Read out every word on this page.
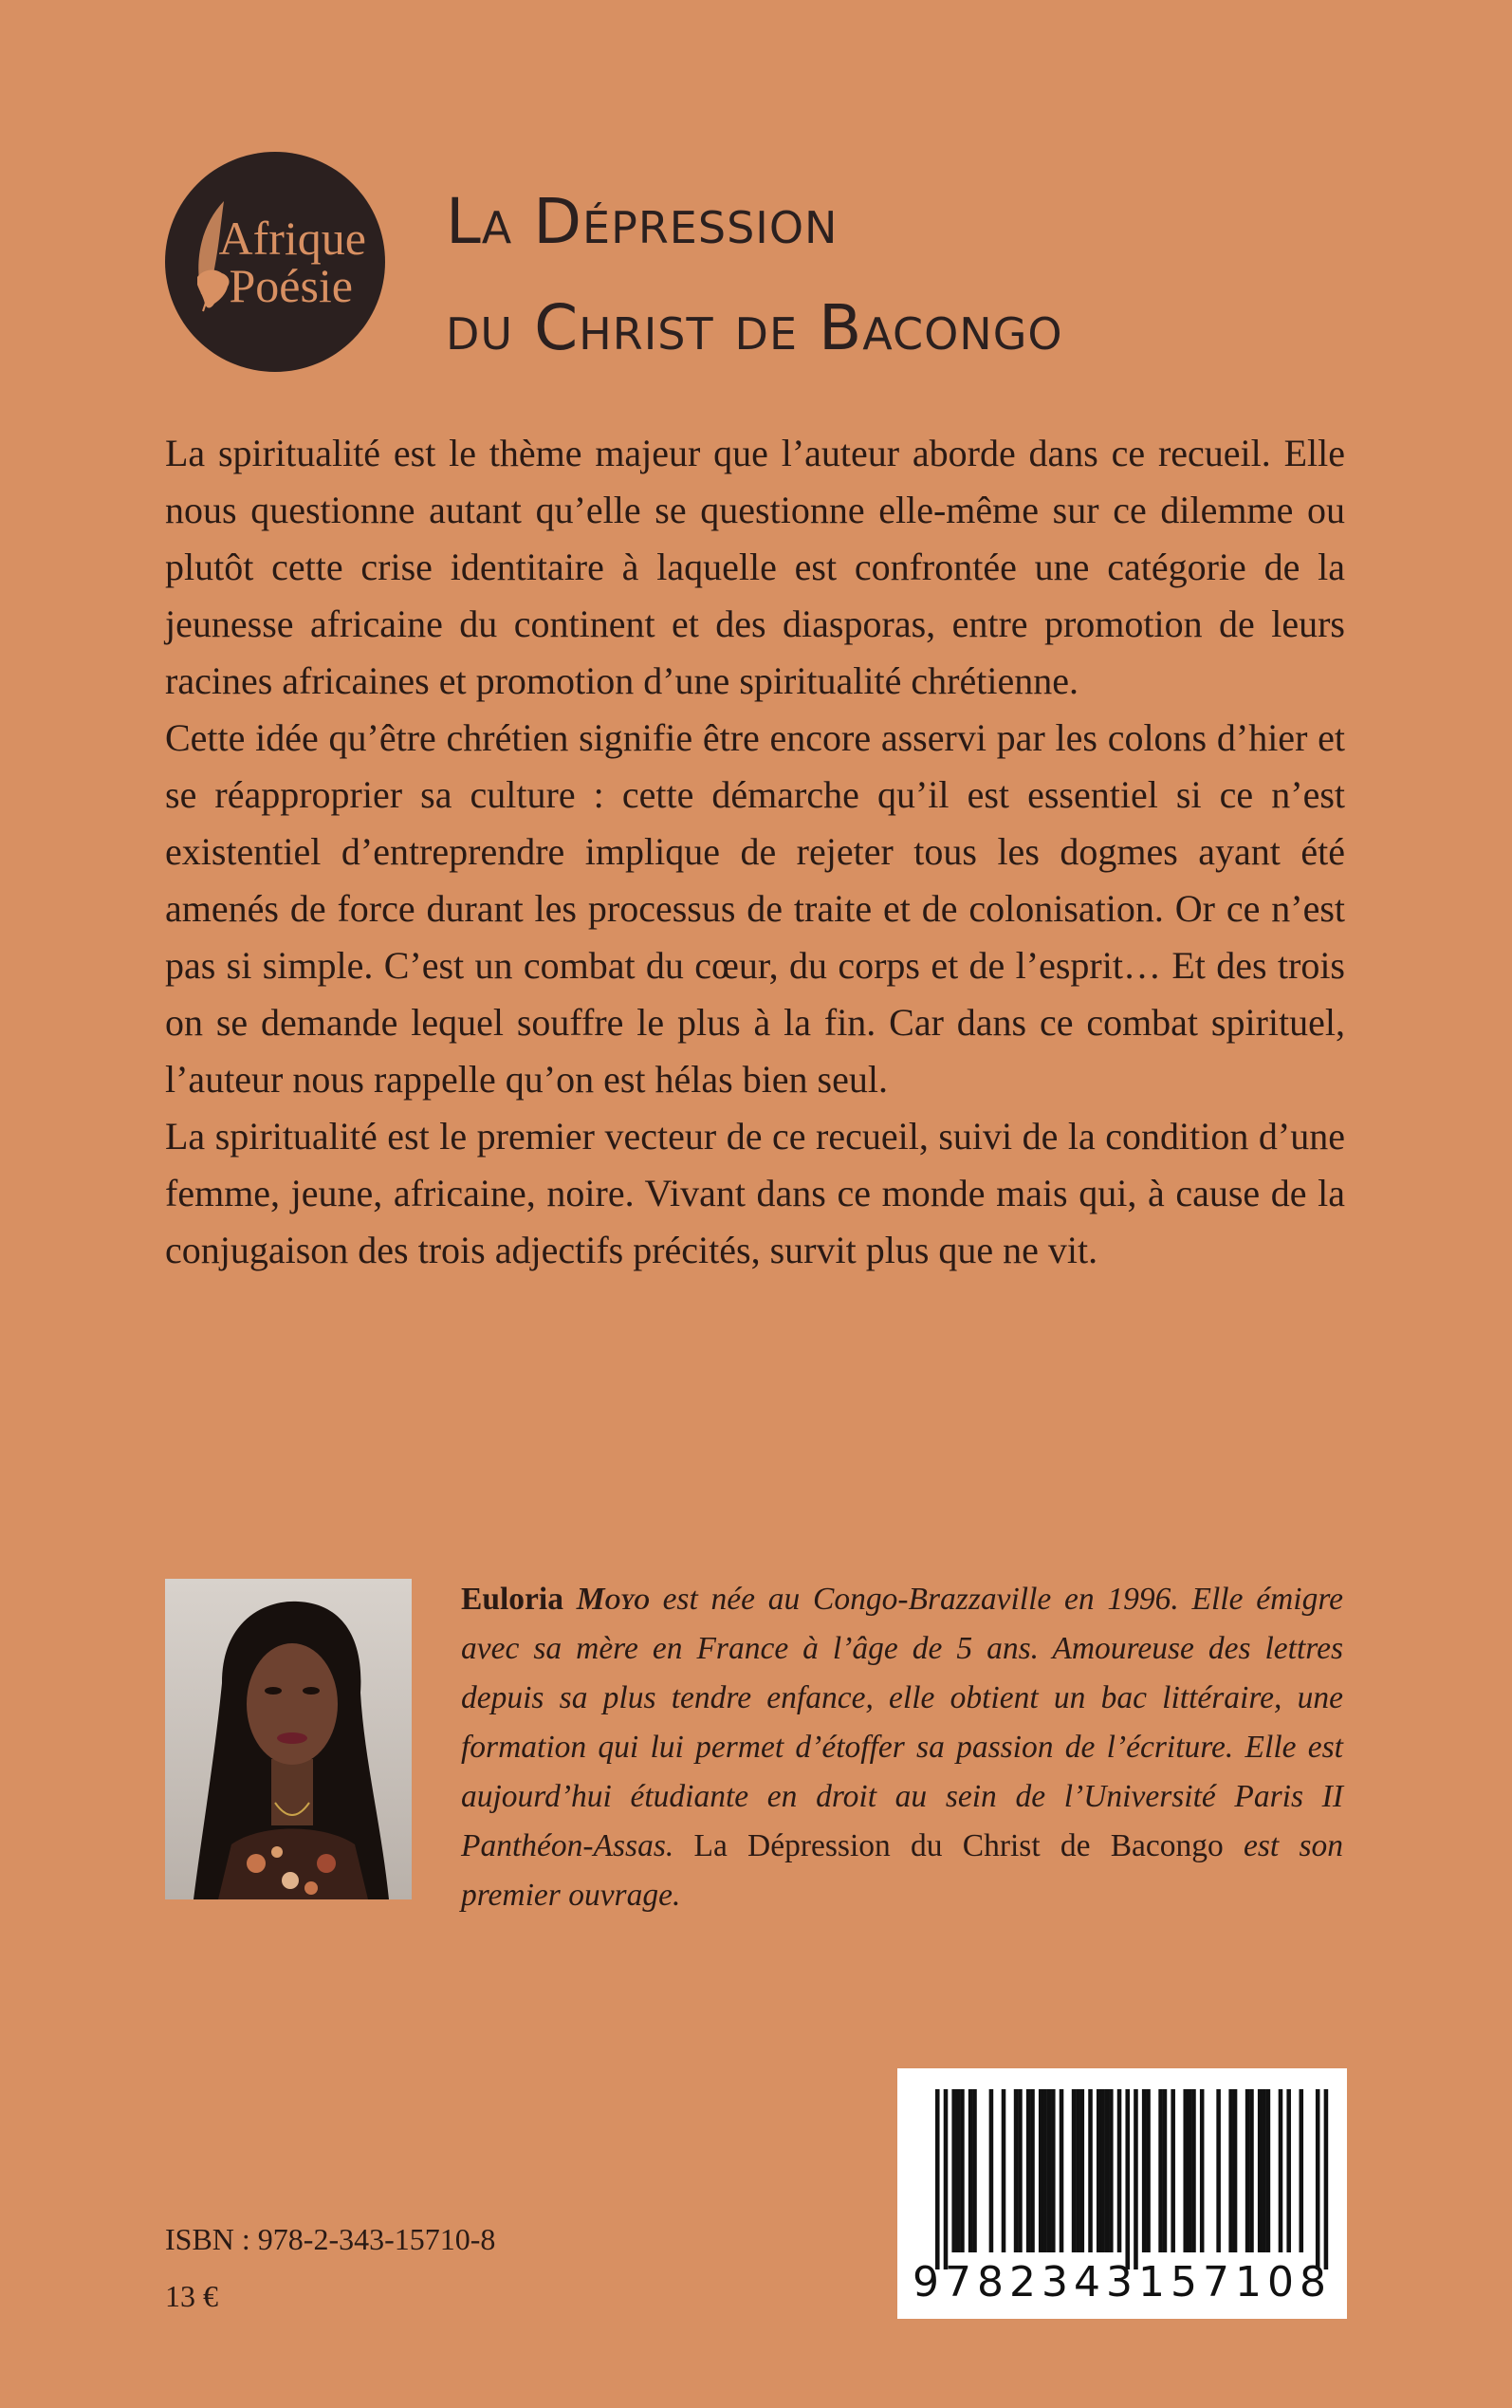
Afrique
Poésie
La Dépression
du Christ de Bacongo

La spiritualité est le thème majeur que l’auteur aborde dans ce recueil. Elle nous questionne autant qu’elle se questionne elle-même sur ce dilemme ou plutôt cette crise identitaire à laquelle est confrontée une catégorie de la jeunesse africaine du continent et des diasporas, entre promotion de leurs racines africaines et promotion d’une spiritualité chrétienne.

Cette idée qu’être chrétien signifie être encore asservi par les colons d’hier et se réapproprier sa culture : cette démarche qu’il est essentiel si ce n’est existentiel d’entreprendre implique de rejeter tous les dogmes ayant été amenés de force durant les processus de traite et de colonisation. Or ce n’est pas si simple. C’est un combat du cœur, du corps et de l’esprit… Et des trois on se demande lequel souffre le plus à la fin. Car dans ce combat spirituel, l’auteur nous rappelle qu’on est hélas bien seul.

La spiritualité est le premier vecteur de ce recueil, suivi de la condition d’une femme, jeune, africaine, noire. Vivant dans ce monde mais qui, à cause de la conjugaison des trois adjectifs précités, survit plus que ne vit.

Euloria Moyo est née au Congo-Brazzaville en 1996. Elle émigre avec sa mère en France à l’âge de 5 ans. Amoureuse des lettres depuis sa plus tendre enfance, elle obtient un bac littéraire, une formation qui lui permet d’étoffer sa passion de l’écriture. Elle est aujourd’hui étudiante en droit au sein de l’Université Paris II Panthéon-Assas. La Dépression du Christ de Bacongo est son premier ouvrage.
9782343157108
ISBN : 978-2-343-15710-8
13 €
